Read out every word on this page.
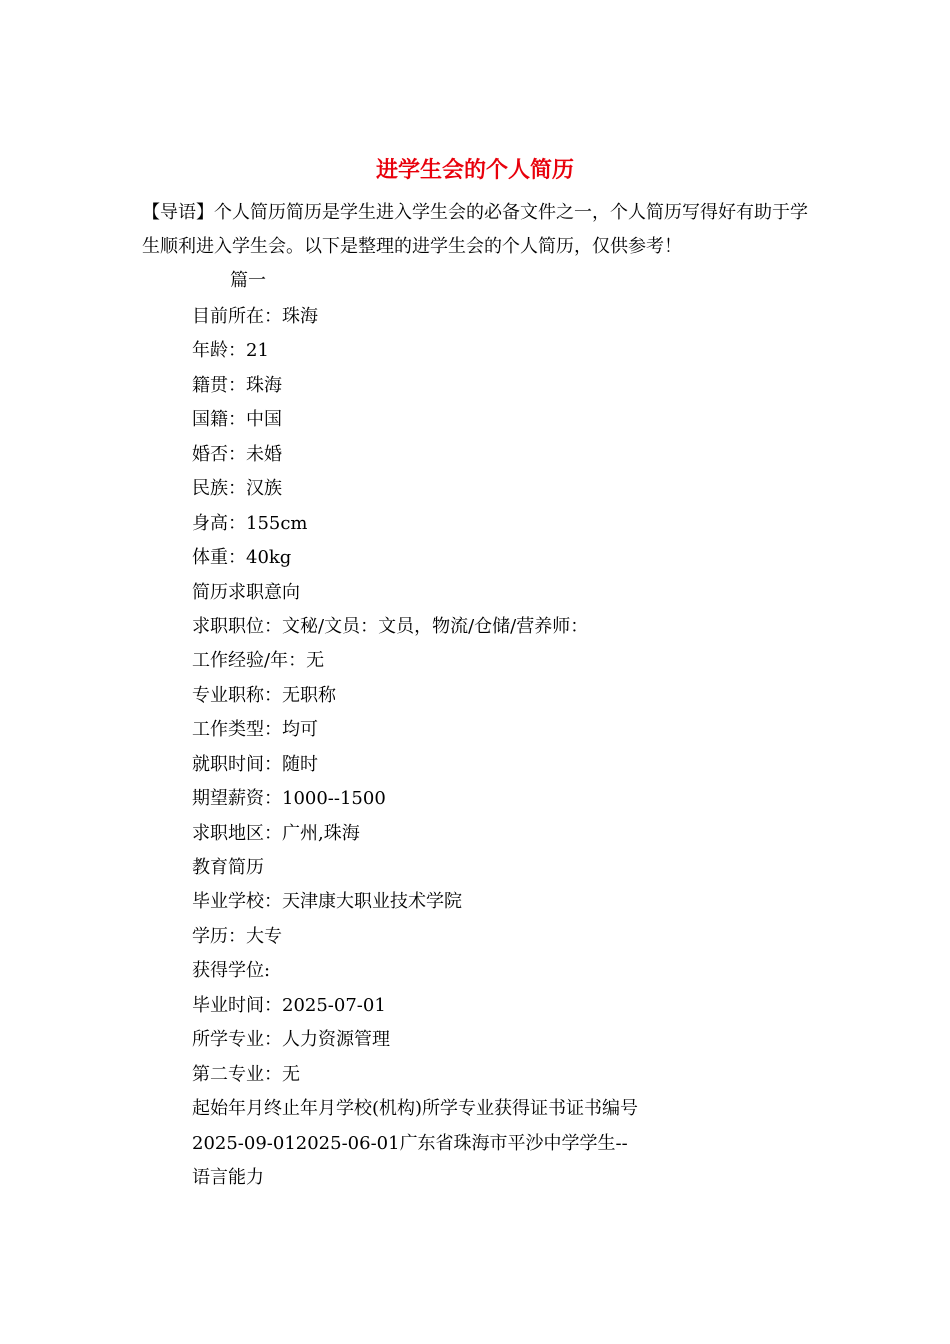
进学生会的个人简历
【导语】个人简历简历是学生进入学生会的必备文件之一，个人简历写得好有助于学生顺利进入学生会。以下是整理的进学生会的个人简历，仅供参考！
篇一
目前所在：珠海
年龄：21
籍贯：珠海
国籍：中国
婚否：未婚
民族：汉族
身高：155cm
体重：40kg
简历求职意向
求职职位：文秘/文员：文员，物流/仓储/营养师：
工作经验/年：无
专业职称：无职称
工作类型：均可
就职时间：随时
期望薪资：1000--1500
求职地区：广州,珠海
教育简历
毕业学校：天津康大职业技术学院
学历：大专
获得学位:
毕业时间：2025-07-01
所学专业：人力资源管理
第二专业：无
起始年月终止年月学校(机构)所学专业获得证书证书编号
2025-09-012025-06-01广东省珠海市平沙中学学生--
语言能力
